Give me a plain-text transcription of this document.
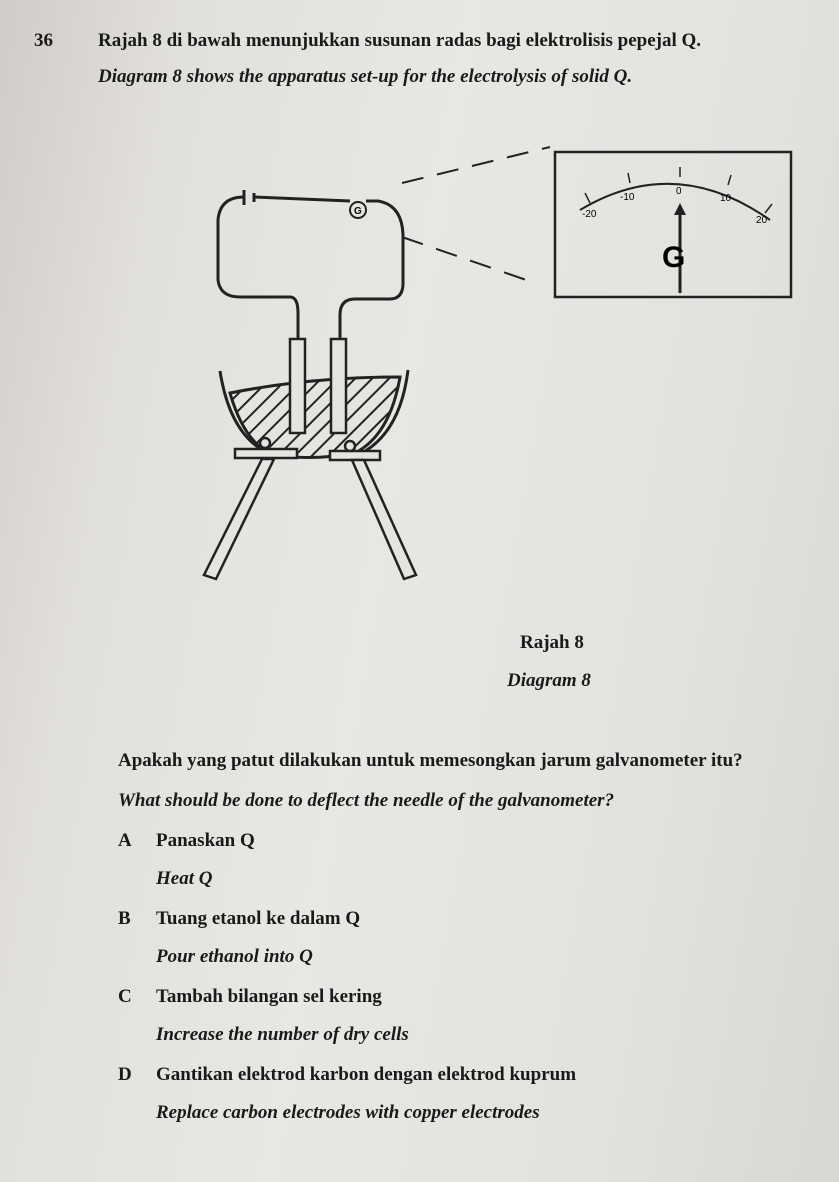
36 Rajah 8 di bawah menunjukkan susunan radas bagi elektrolisis pepejal Q.
Diagram 8 shows the apparatus set-up for the electrolysis of solid Q.
G	-20
-10
0
10
20
G
Rajah 8
Diagram 8
Apakah yang patut dilakukan untuk memesongkan jarum galvanometer itu?
What should be done to deflect the needle of the galvanometer?
A Panaskan Q
Heat Q
B Tuang etanol ke dalam Q
Pour ethanol into Q
C Tambah bilangan sel kering
Increase the number of dry cells
D Gantikan elektrod karbon dengan elektrod kuprum
Replace carbon electrodes with copper electrodes
